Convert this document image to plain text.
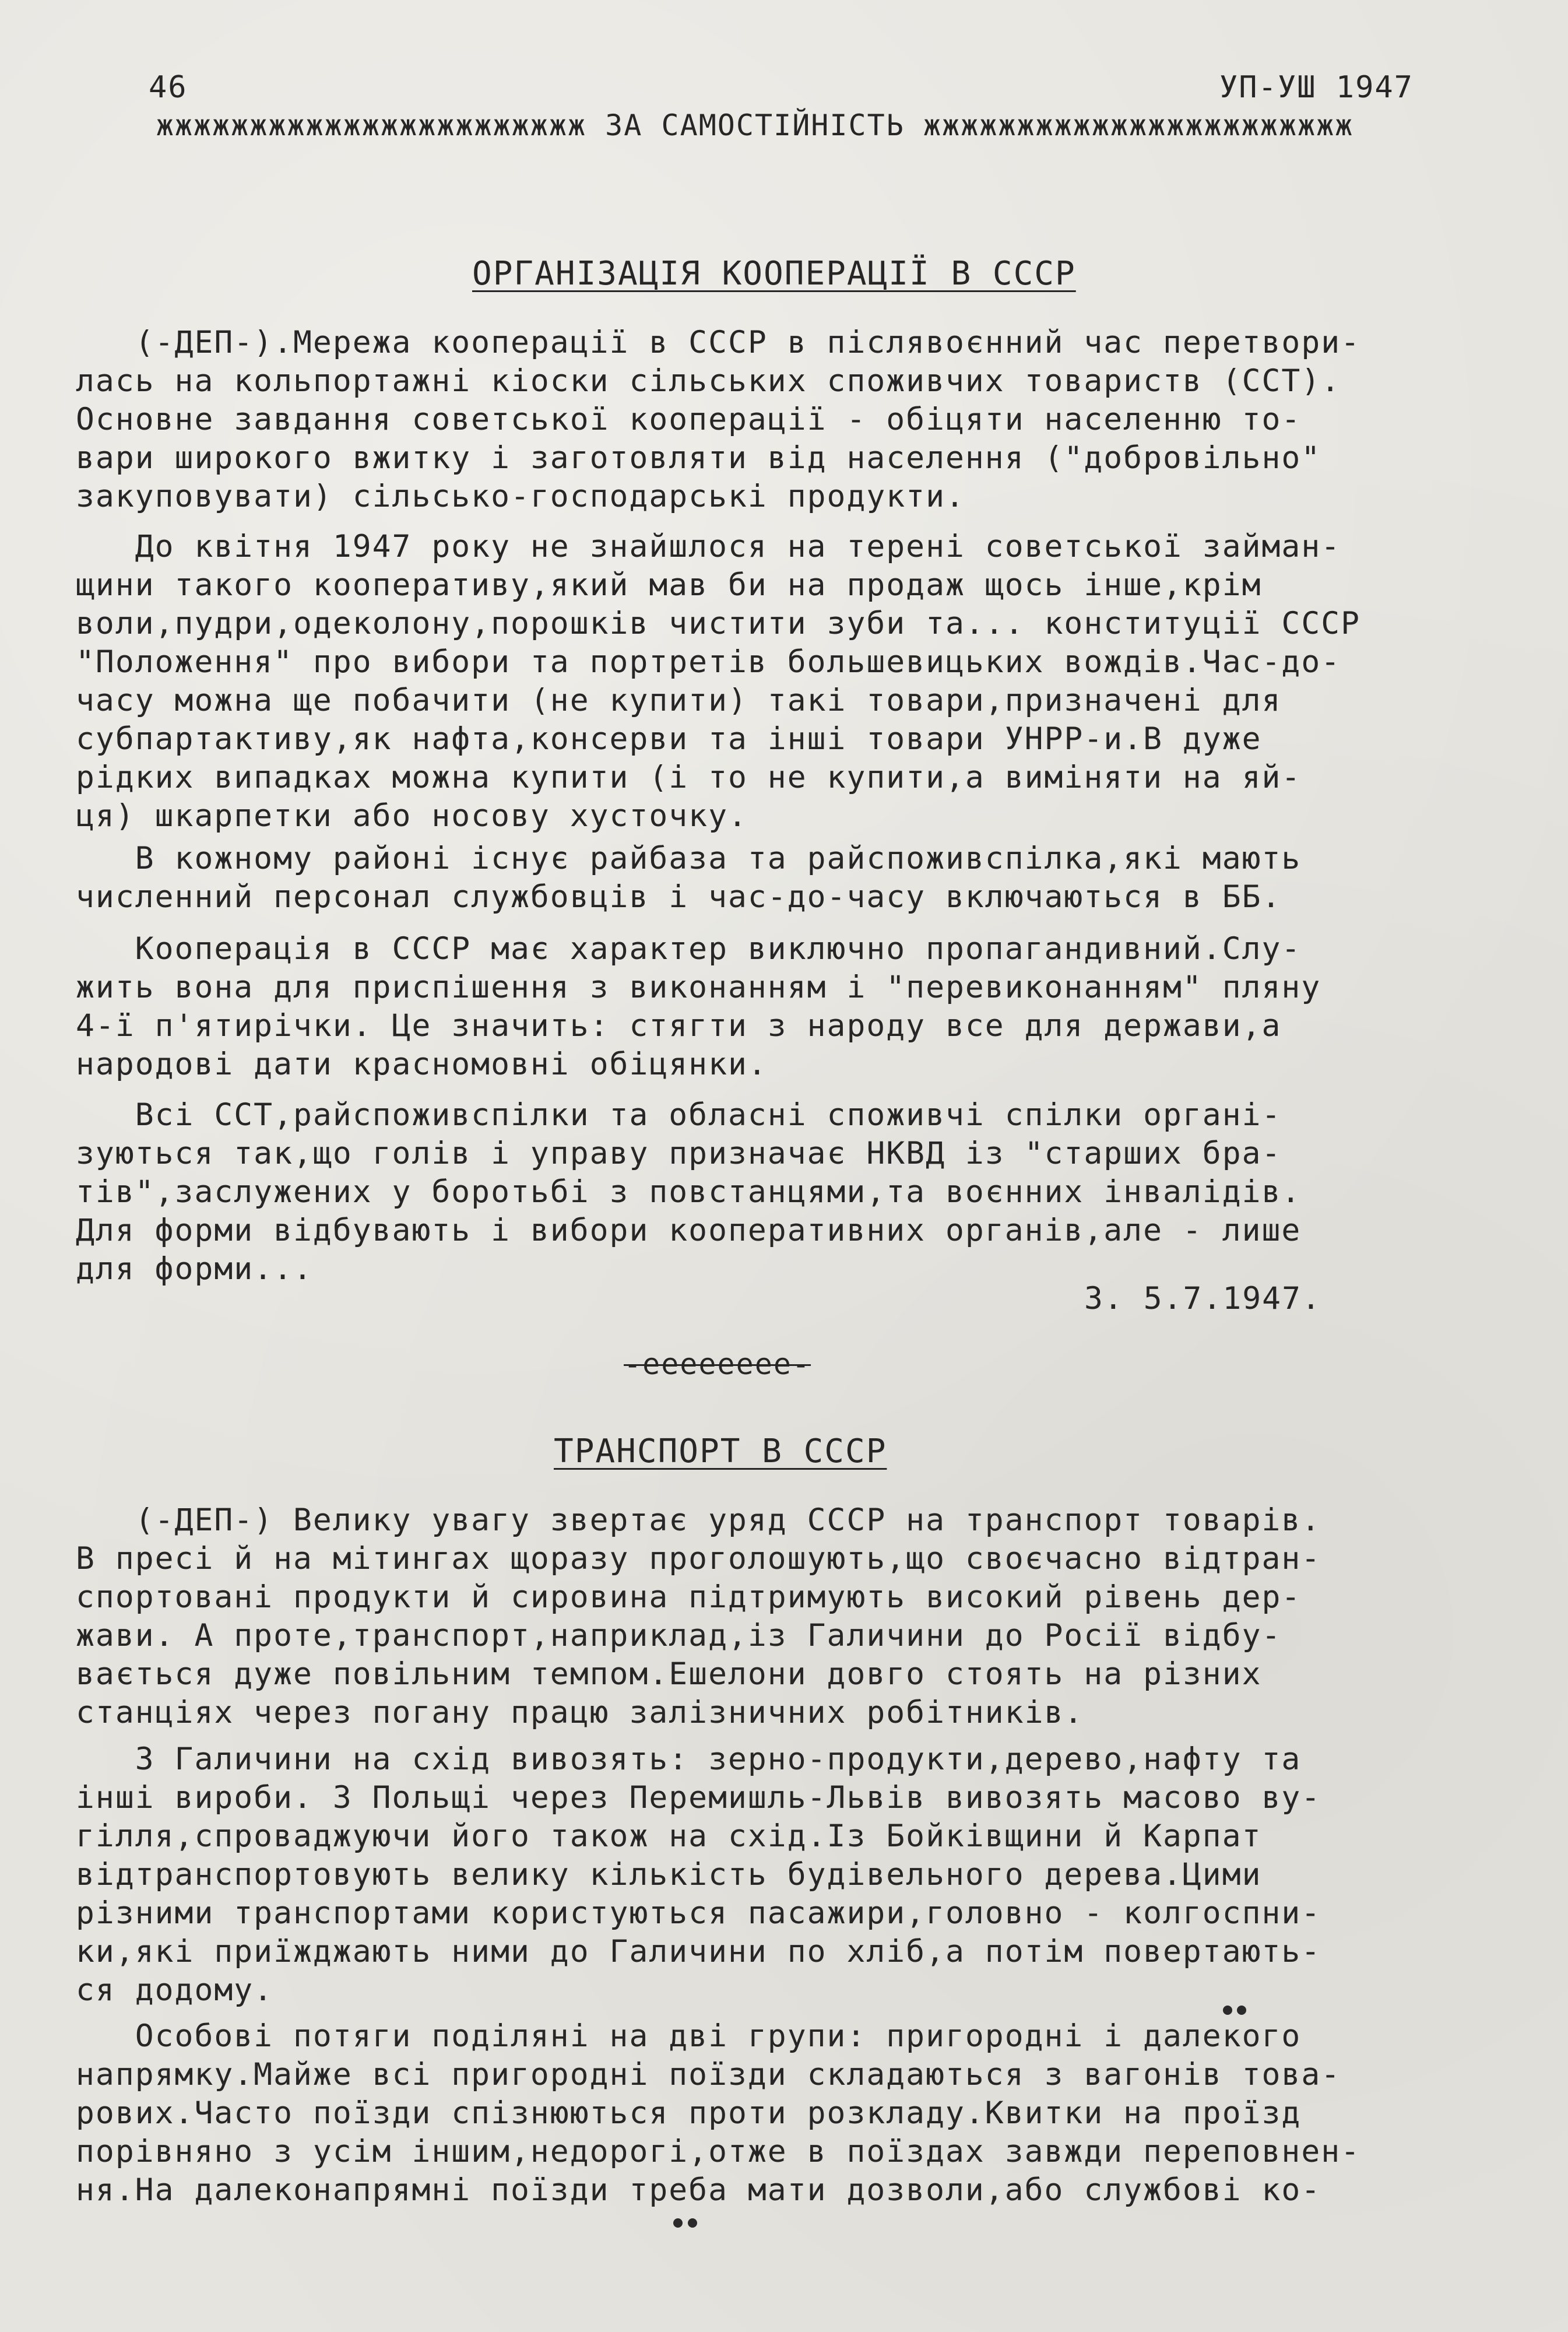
46	УП-УШ 1947
жжжжжжжжжжжжжжжжжжжжжжж ЗА САМОСТІЙНІСТЬ жжжжжжжжжжжжжжжжжжжжжжж
ОРГАНІЗАЦІЯ КООПЕРАЦІЇ В СССР

(-ДЕП-).Мережа кооперації в СССР в післявоєнний час перетвори-
лась на кольпортажні кіоски сільських споживчих товариств (ССТ).
Основне завдання советської кооперації - обіцяти населенню то-
вари широкого вжитку і заготовляти від населення ("добровільно"
закуповувати) сільсько-господарські продукти.

До квітня 1947 року не знайшлося на терені советської займан-
щини такого кооперативу,який мав би на продаж щось інше,крім
воли,пудри,одеколону,порошків чистити зуби та... конституції СССР
"Положення" про вибори та портретів большевицьких вождів.Час-до-
часу можна ще побачити (не купити) такі товари,призначені для
субпартактиву,як нафта,консерви та інші товари УНРР-и.В дуже
рідких випадках можна купити (і то не купити,а виміняти на яй-
ця) шкарпетки або носову хусточку.

В кожному районі існує райбаза та райспоживспілка,які мають
численний персонал службовців і час-до-часу включаються в ББ.

Кооперація в СССР має характер виключно пропагандивний.Слу-
жить вона для приспішення з виконанням і "перевиконанням" пляну
4-ї п'ятирічки. Це значить: стягти з народу все для держави,а
народові дати красномовні обіцянки.

Всі ССТ,райспоживспілки та обласні споживчі спілки органі-
зуються так,що голів і управу призначає НКВД із "старших бра-
тів",заслужених у боротьбі з повстанцями,та воєнних інвалідів.
Для форми відбувають і вибори кооперативних органів,але - лише
для форми...

З. 5.7.1947.
-ееееееее-
ТРАНСПОРТ В СССР

(-ДЕП-) Велику увагу звертає уряд СССР на транспорт товарів.
В пресі й на мітингах щоразу проголошують,що своєчасно відтран-
спортовані продукти й сировина підтримують високий рівень дер-
жави. А проте,транспорт,наприклад,із Галичини до Росії відбу-
вається дуже повільним темпом.Ешелони довго стоять на різних
станціях через погану працю залізничних робітників.

З Галичини на схід вивозять: зерно-продукти,дерево,нафту та
інші вироби. З Польщі через Перемишль-Львів вивозять масово ву-
гілля,спроваджуючи його також на схід.Із Бойківщини й Карпат
відтранспортовують велику кількість будівельного дерева.Цими
різними транспортами користуються пасажири,головно - колгоспни-
ки,які приїжджають ними до Галичини по хліб,а потім повертають-
ся додому.

Особові потяги поділяні на дві групи: пригородні і далекого
напрямку.Майже всі пригородні поїзди складаються з вагонів това-
рових.Часто поїзди спізнюються проти розкладу.Квитки на проїзд
порівняно з усім іншим,недорогі,отже в поїздах завжди переповнен-
ня.На далеконапрямні поїзди треба мати дозволи,або службові ко-
